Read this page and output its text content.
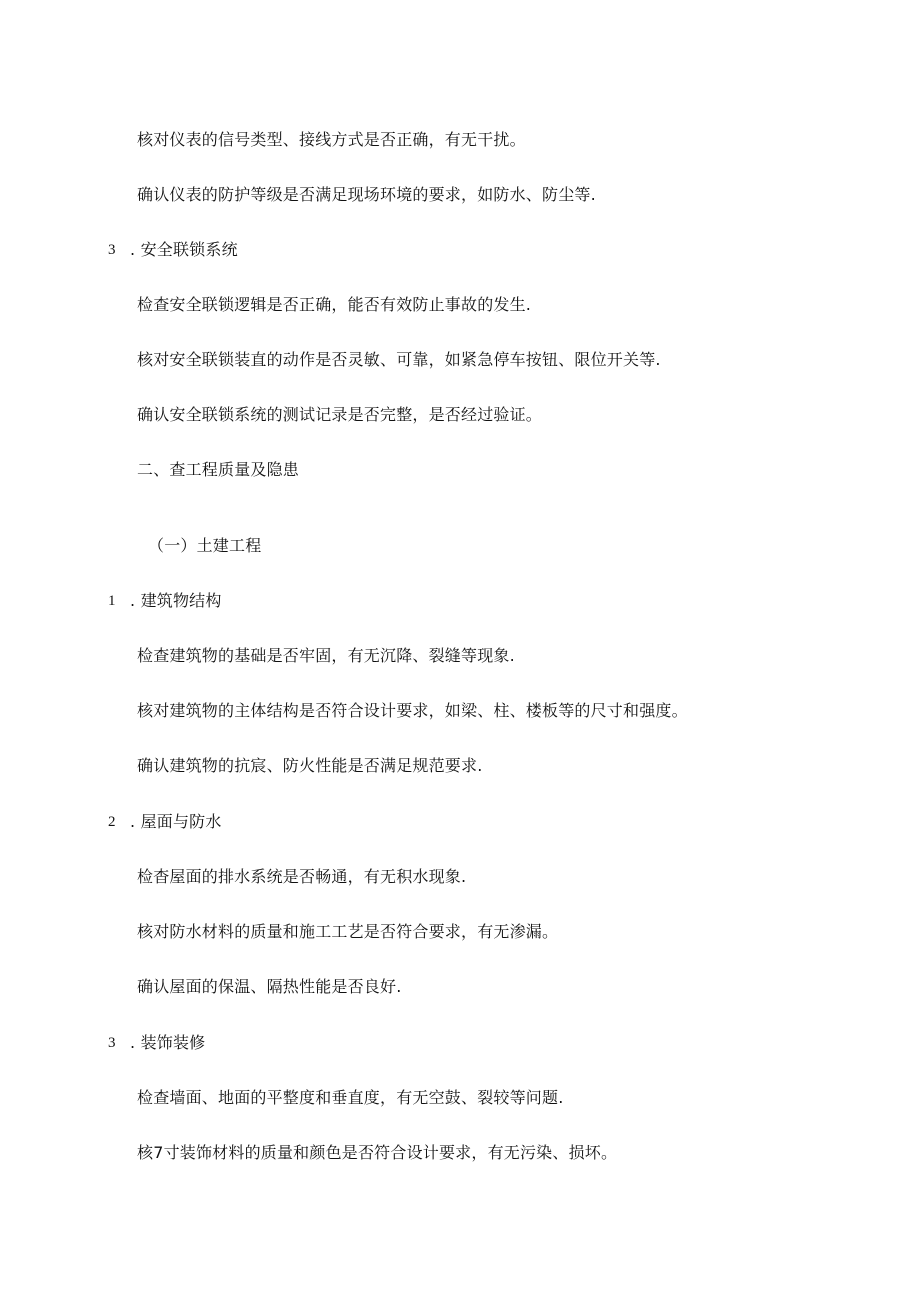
核对仪表的信号类型、接线方式是否正确，有无干扰。
确认仪表的防护等级是否满足现场环境的要求，如防水、防尘等.
3 . 安全联锁系统
检查安全联锁逻辑是否正确，能否有效防止事故的发生.
核对安全联锁装直的动作是否灵敏、可靠，如紧急停车按钮、限位开关等.
确认安全联锁系统的测试记录是否完整，是否经过验证。
二、查工程质量及隐患
（一）土建工程
1 . 建筑物结构
检查建筑物的基础是否牢固，有无沉降、裂缝等现象.
核对建筑物的主体结构是否符合设计要求，如梁、柱、楼板等的尺寸和强度。
确认建筑物的抗宸、防火性能是否满足规范要求.
2 . 屋面与防水
检杳屋面的排水系统是否畅通，有无积水现象.
核对防水材料的质量和施工工艺是否符合要求，有无渗漏。
确认屋面的保温、隔热性能是否良好.
3 . 装饰装修
检查墙面、地面的平整度和垂直度，有无空鼓、裂较等问题.
核7寸装饰材料的质量和颜色是否符合设计要求，有无污染、损坏。
